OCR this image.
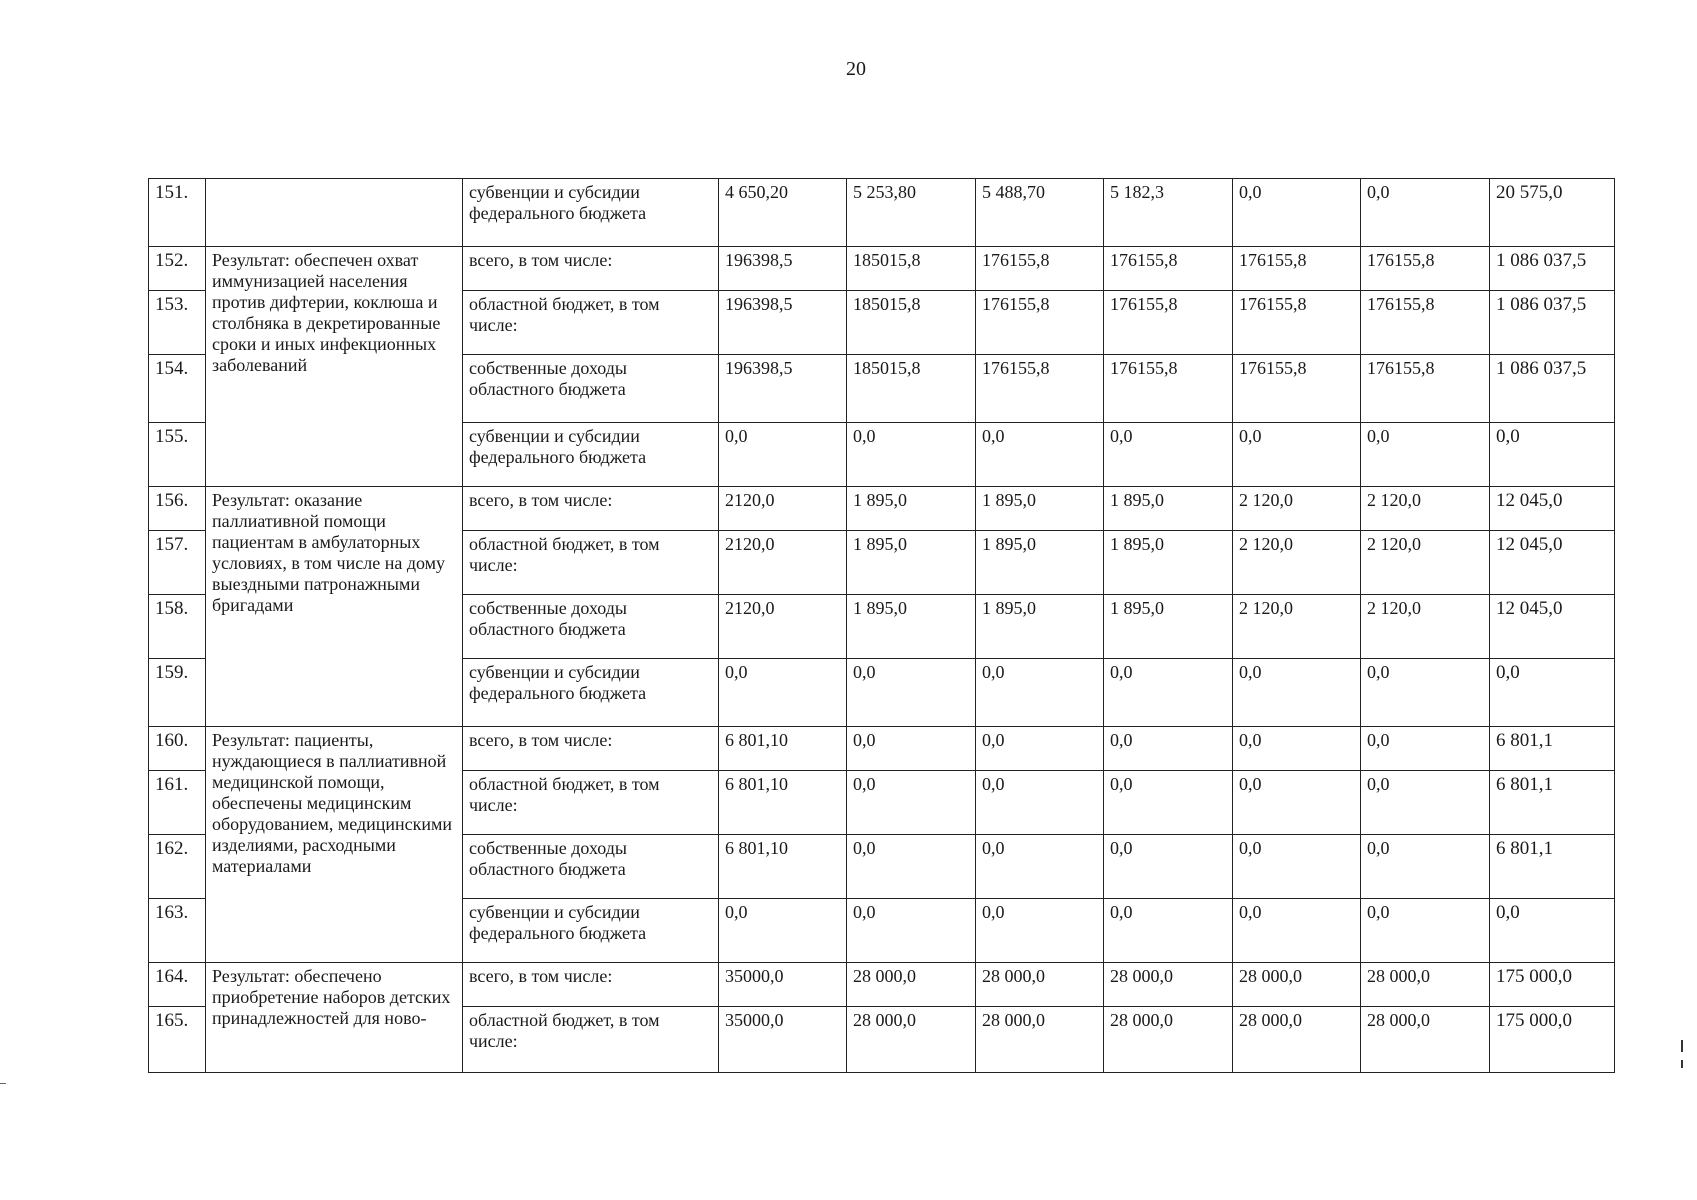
20
151.		субвенции и субсидии федерального бюджета	4 650,20	5 253,80	5 488,70	5 182,3	0,0	0,0	20 575,0
152.	Результат: обеспечен охват иммунизацией населения против дифтерии, коклюша и столбняка в декретированные сроки и иных инфекционных заболеваний	всего, в том числе:	196398,5	185015,8	176155,8	176155,8	176155,8	176155,8	1 086 037,5
153.		областной бюджет, в том числе:	196398,5	185015,8	176155,8	176155,8	176155,8	176155,8	1 086 037,5
154.		собственные доходы областного бюджета	196398,5	185015,8	176155,8	176155,8	176155,8	176155,8	1 086 037,5
155.		субвенции и субсидии федерального бюджета	0,0	0,0	0,0	0,0	0,0	0,0	0,0
156.	Результат: оказание паллиативной помощи пациентам в амбулаторных условиях, в том числе на дому выездными патронажными бригадами	всего, в том числе:	2120,0	1 895,0	1 895,0	1 895,0	2 120,0	2 120,0	12 045,0
157.		областной бюджет, в том числе:	2120,0	1 895,0	1 895,0	1 895,0	2 120,0	2 120,0	12 045,0
158.		собственные доходы областного бюджета	2120,0	1 895,0	1 895,0	1 895,0	2 120,0	2 120,0	12 045,0
159.		субвенции и субсидии федерального бюджета	0,0	0,0	0,0	0,0	0,0	0,0	0,0
160.	Результат: пациенты, нуждающиеся в паллиативной медицинской помощи, обеспечены медицинским оборудованием, медицинскими изделиями, расходными материалами	всего, в том числе:	6 801,10	0,0	0,0	0,0	0,0	0,0	6 801,1
161.		областной бюджет, в том числе:	6 801,10	0,0	0,0	0,0	0,0	0,0	6 801,1
162.		собственные доходы областного бюджета	6 801,10	0,0	0,0	0,0	0,0	0,0	6 801,1
163.		субвенции и субсидии федерального бюджета	0,0	0,0	0,0	0,0	0,0	0,0	0,0
164.	Результат: обеспечено приобретение наборов детских принадлежностей для ново-	всего, в том числе:	35000,0	28 000,0	28 000,0	28 000,0	28 000,0	28 000,0	175 000,0
165.		областной бюджет, в том числе:	35000,0	28 000,0	28 000,0	28 000,0	28 000,0	28 000,0	175 000,0
